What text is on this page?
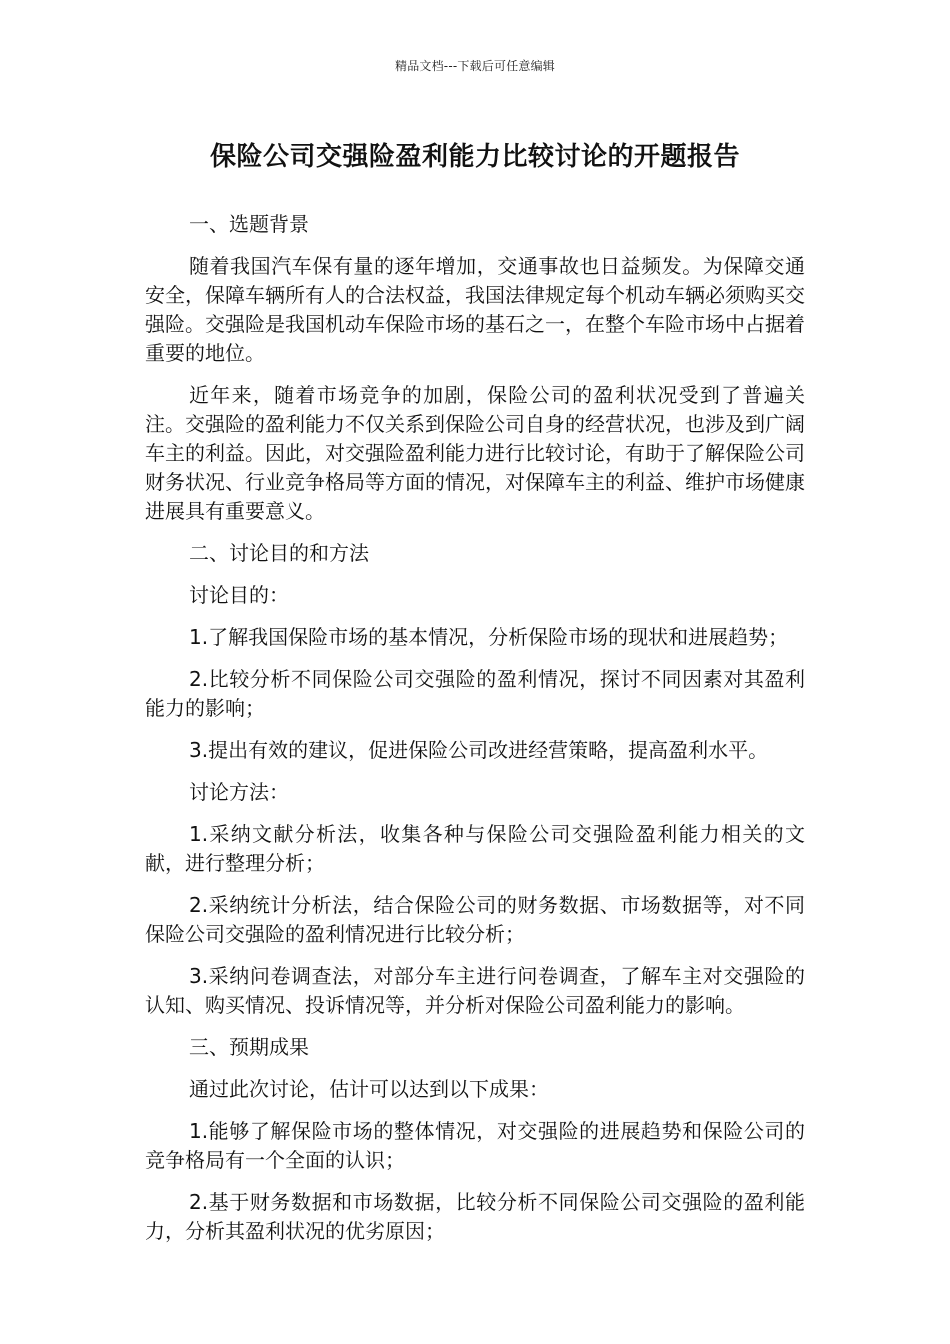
精品文档---下载后可任意编辑
保险公司交强险盈利能力比较讨论的开题报告

一、选题背景

随着我国汽车保有量的逐年增加，交通事故也日益频发。为保障交通安全，保障车辆所有人的合法权益，我国法律规定每个机动车辆必须购买交强险。交强险是我国机动车保险市场的基石之一，在整个车险市场中占据着重要的地位。

近年来，随着市场竞争的加剧，保险公司的盈利状况受到了普遍关注。交强险的盈利能力不仅关系到保险公司自身的经营状况，也涉及到广阔车主的利益。因此，对交强险盈利能力进行比较讨论，有助于了解保险公司财务状况、行业竞争格局等方面的情况，对保障车主的利益、维护市场健康进展具有重要意义。

二、讨论目的和方法

讨论目的：

1.了解我国保险市场的基本情况，分析保险市场的现状和进展趋势；

2.比较分析不同保险公司交强险的盈利情况，探讨不同因素对其盈利能力的影响；

3.提出有效的建议，促进保险公司改进经营策略，提高盈利水平。

讨论方法：

1.采纳文献分析法，收集各种与保险公司交强险盈利能力相关的文献，进行整理分析；

2.采纳统计分析法，结合保险公司的财务数据、市场数据等，对不同保险公司交强险的盈利情况进行比较分析；

3.采纳问卷调查法，对部分车主进行问卷调查，了解车主对交强险的认知、购买情况、投诉情况等，并分析对保险公司盈利能力的影响。

三、预期成果

通过此次讨论，估计可以达到以下成果：

1.能够了解保险市场的整体情况，对交强险的进展趋势和保险公司的竞争格局有一个全面的认识；

2.基于财务数据和市场数据，比较分析不同保险公司交强险的盈利能力，分析其盈利状况的优劣原因；
